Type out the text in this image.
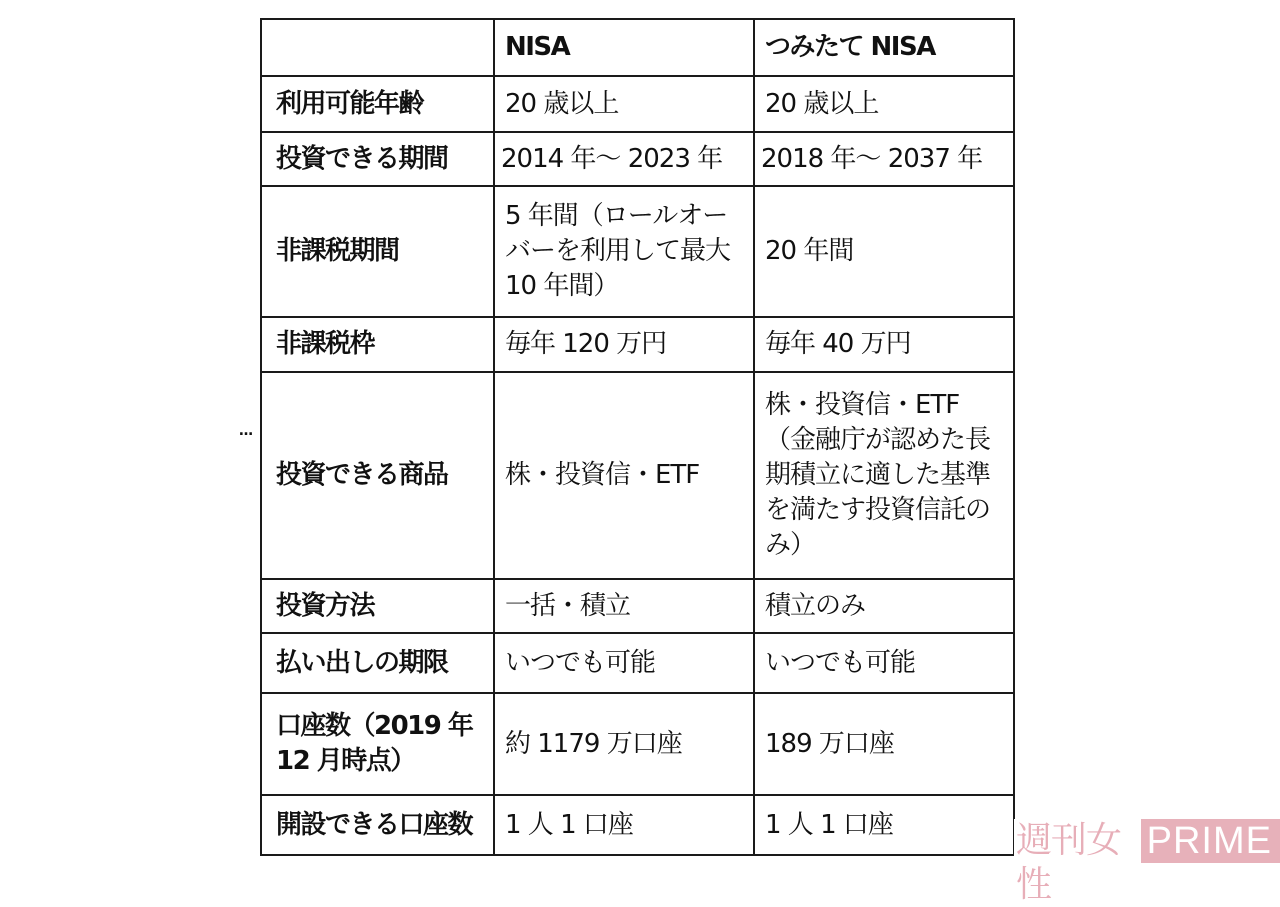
…
	NISA	つみたて NISA
利用可能年齢	20 歳以上	20 歳以上
投資できる期間	2014 年～ 2023 年	2018 年～ 2037 年
非課税期間	5 年間（ロールオーバーを利用して最大 10 年間）	20 年間
非課税枠	毎年 120 万円	毎年 40 万円
投資できる商品	株・投資信・ETF	株・投資信・ETF（金融庁が認めた長期積立に適した基準を満たす投資信託のみ）
投資方法	一括・積立	積立のみ
払い出しの期限	いつでも可能	いつでも可能
口座数（2019 年 12 月時点）	約 1179 万口座	189 万口座
開設できる口座数	1 人 1 口座	1 人 1 口座	週刊女性
PRIME
